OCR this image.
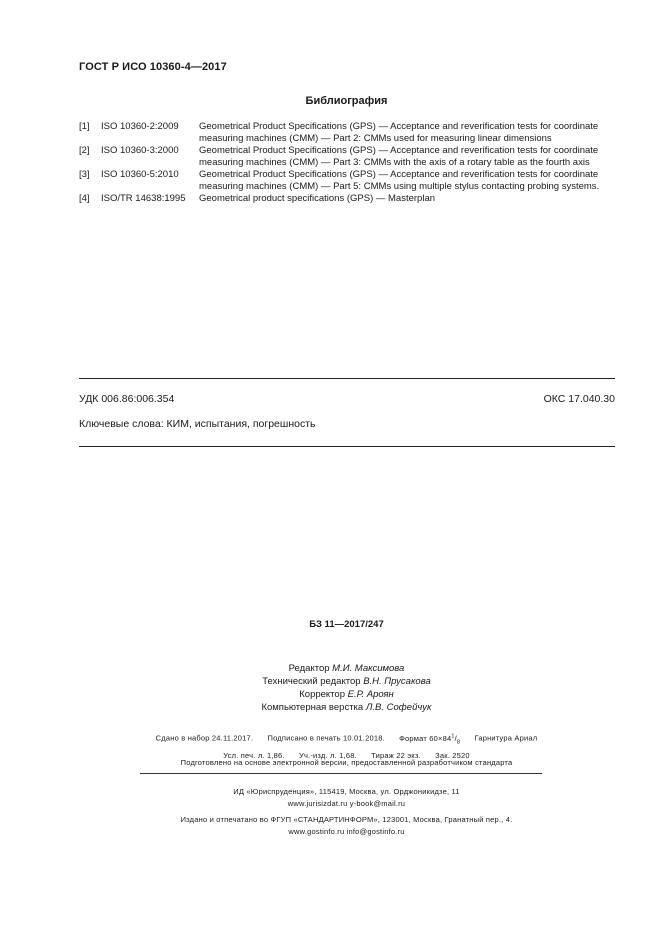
ГОСТ Р ИСО 10360-4—2017
Библиография
[1]	ISO 10360-2:2009	Geometrical Product Specifications (GPS) — Acceptance and reverification tests for coordinate measuring machines (CMM) — Part 2: CMMs used for measuring linear dimensions
[2]	ISO 10360-3:2000	Geometrical Product Specifications (GPS) — Acceptance and reverification tests for coordinate measuring machines (CMM) — Part 3: CMMs with the axis of a rotary table as the fourth axis
[3]	ISO 10360-5:2010	Geometrical Product Specifications (GPS) — Acceptance and reverification tests for coordinate measuring machines (CMM) — Part 5: CMMs using multiple stylus contacting probing systems.
[4]	ISO/TR 14638:1995	Geometrical product specifications (GPS) — Masterplan
УДК 006.86:006.354	ОКС 17.040.30
Ключевые слова: КИМ, испытания, погрешность
БЗ 11—2017/247
Редактор М.И. Максимова
Технический редактор В.Н. Прусакова
Корректор Е.Р. Ароян
Компьютерная верстка Л.В. Софейчук
Сдано в набор 24.11.2017. Подписано в печать 10.01.2018. Формат $60\times 84^1/_8$ Гарнитура Ариал
Усл. печ. л. 1,86. Уч.-изд. л. 1,68. Тираж 22 экз. Зак. 2520
Подготовлено на основе электронной версии, предоставленной разработчиком стандарта
ИД «Юриспруденция», 115419, Москва, ул. Орджоникидзе, 11
www.jurisizdat.ru y-book@mail.ru
Издано и отпечатано во ФГУП «СТАНДАРТИНФОРМ», 123001, Москва, Гранатный пер., 4.
www.gostinfo.ru info@gostinfo.ru
